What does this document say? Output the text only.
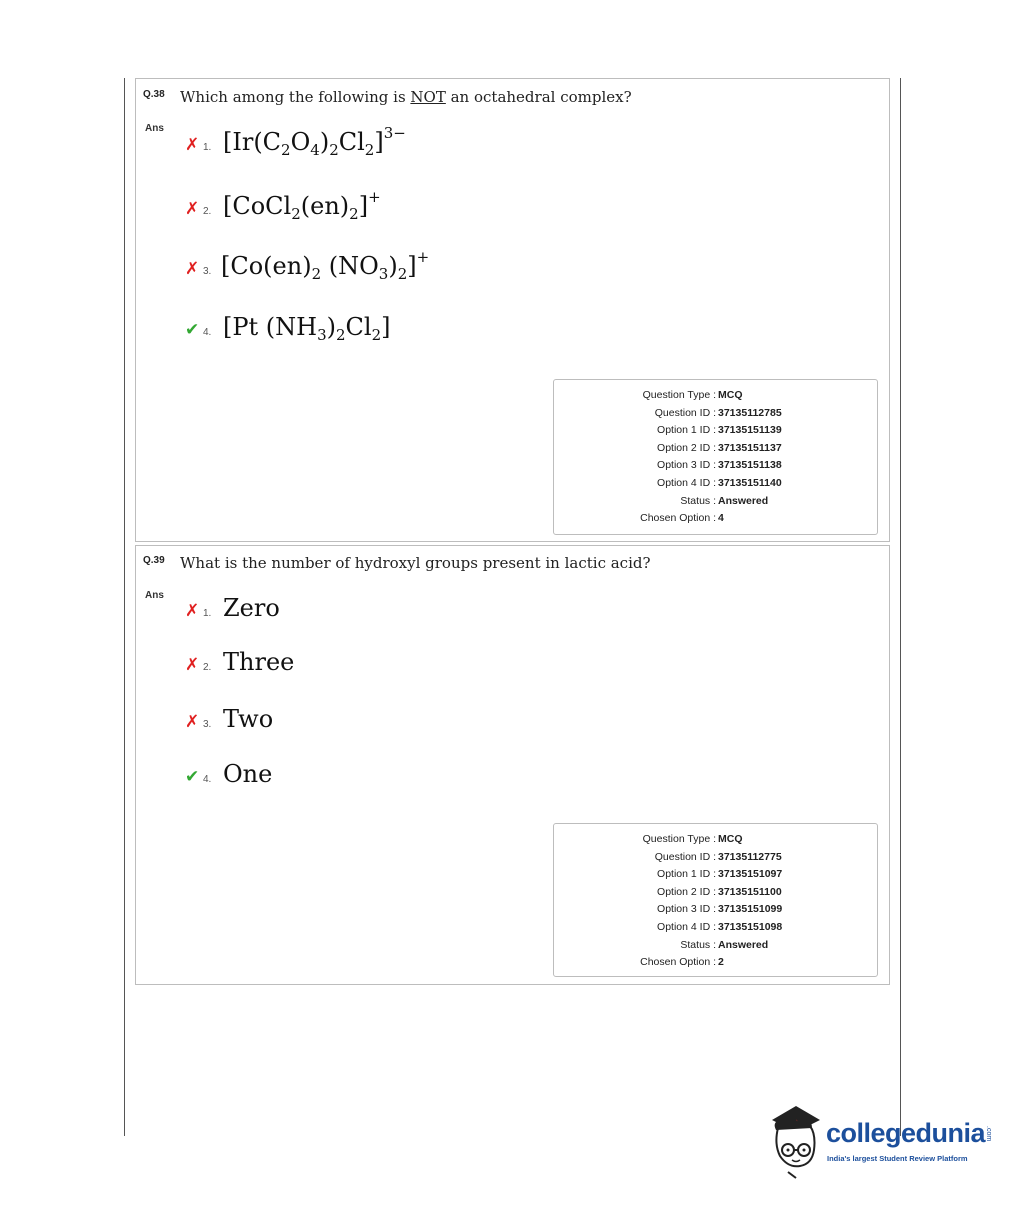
Q.38 Which among the following is NOT an octahedral complex?
Ans
✗ 1. $[Ir(C_2O_4)_2Cl_2]^{3-}$
✗ 2. $[CoCl_2(en)_2]^+$
✗ 3. [$Co(en)_2$ $(NO_3)_2]^+$
✔ 4. [Pt $(NH_3)_2Cl_2$]
Question Type : MCQ
Question ID : 37135112785
Option 1 ID : 37135151139
Option 2 ID : 37135151137
Option 3 ID : 37135151138
Option 4 ID : 37135151140
Status : Answered
Chosen Option : 4
Q.39 What is the number of hydroxyl groups present in lactic acid?
Ans
✗ 1. Zero
✗ 2. Three
✗ 3. Two
✔ 4. One
Question Type : MCQ
Question ID : 37135112775
Option 1 ID : 37135151097
Option 2 ID : 37135151100
Option 3 ID : 37135151099
Option 4 ID : 37135151098
Status : Answered
Chosen Option : 2
collegedunia .com
India's largest Student Review Platform
